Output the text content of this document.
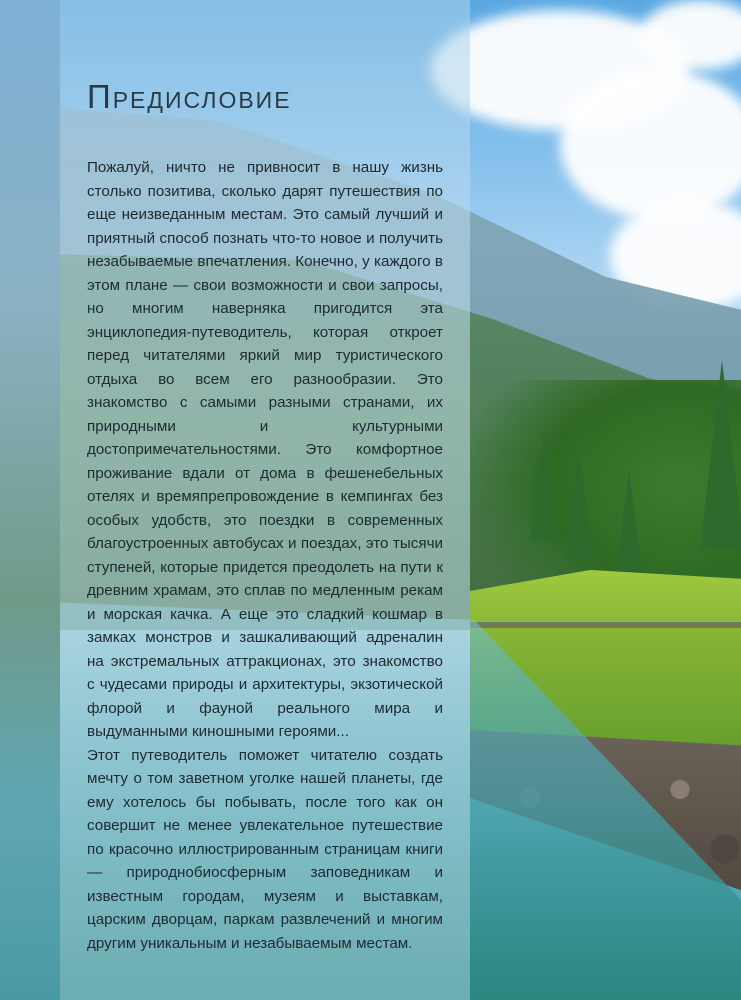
Предисловие

Пожалуй, ничто не привносит в нашу жизнь столько позитива, сколько дарят путешествия по еще неизведанным местам. Это самый лучший и приятный способ познать что-то новое и получить незабываемые впечатления. Конечно, у каждого в этом плане — свои возможности и свои запросы, но многим наверняка пригодится эта энциклопедия-путеводитель, которая откроет перед читателями яркий мир туристического отдыха во всем его разнообразии. Это знакомство с самыми разными странами, их природными и культурными достопримечательностями. Это комфортное проживание вдали от дома в фешенебельных отелях и времяпрепровождение в кемпингах без особых удобств, это поездки в современных благоустроенных автобусах и поездах, это тысячи ступеней, которые придется преодолеть на пути к древним храмам, это сплав по медленным рекам и морская качка. А еще это сладкий кошмар в замках монстров и зашкаливающий адреналин на экстремальных аттракционах, это знакомство с чудесами природы и архитектуры, экзотической флорой и фауной реального мира и выдуманными киношными героями...

Этот путеводитель поможет читателю создать мечту о том заветном уголке нашей планеты, где ему хотелось бы побывать, после того как он совершит не менее увлекательное путешествие по красочно иллюстрированным страницам книги — природнобиосферным заповедникам и известным городам, музеям и выставкам, царским дворцам, паркам развлечений и многим другим уникальным и незабываемым местам.
